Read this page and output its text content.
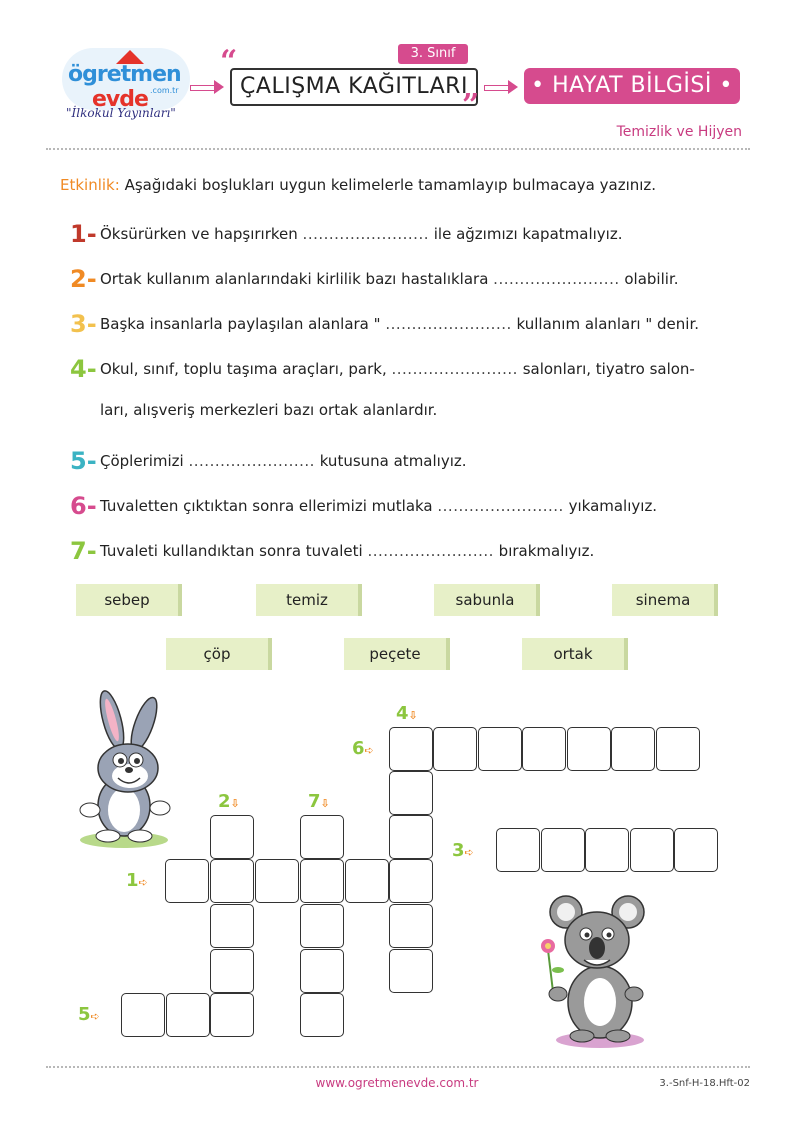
ögretmen
evde .com.tr
"İlkokul Yayınları"
“	3. Sınıf
ÇALIŞMA KAĞITLARI
”
• HAYAT BİLGİSİ •
Temizlik ve Hijyen
Etkinlik: Aşağıdaki boşlukları uygun kelimelerle tamamlayıp bulmacaya yazınız.
1- Öksürürken ve hapşırırken ........................ ile ağzımızı kapatmalıyız.
2- Ortak kullanım alanlarındaki kirlilik bazı hastalıklara ........................ olabilir.
3- Başka insanlarla paylaşılan alanlara " ........................ kullanım alanları " denir.
4- Okul, sınıf, toplu taşıma araçları, park, ........................ salonları, tiyatro salon-
ları, alışveriş merkezleri bazı ortak alanlardır.
5- Çöplerimizi ........................ kutusuna atmalıyız.
6- Tuvaletten çıktıktan sonra ellerimizi mutlaka ........................ yıkamalıyız.
7- Tuvaleti kullandıktan sonra tuvaleti ........................ bırakmalıyız.
sebep	temiz	sabunla	sinema
çöp	peçete	ortak
1➪
2⇩
3➪
4⇩
5➪
6➪
7⇩
www.ogretmenevde.com.tr	3.-Snf-H-18.Hft-02
